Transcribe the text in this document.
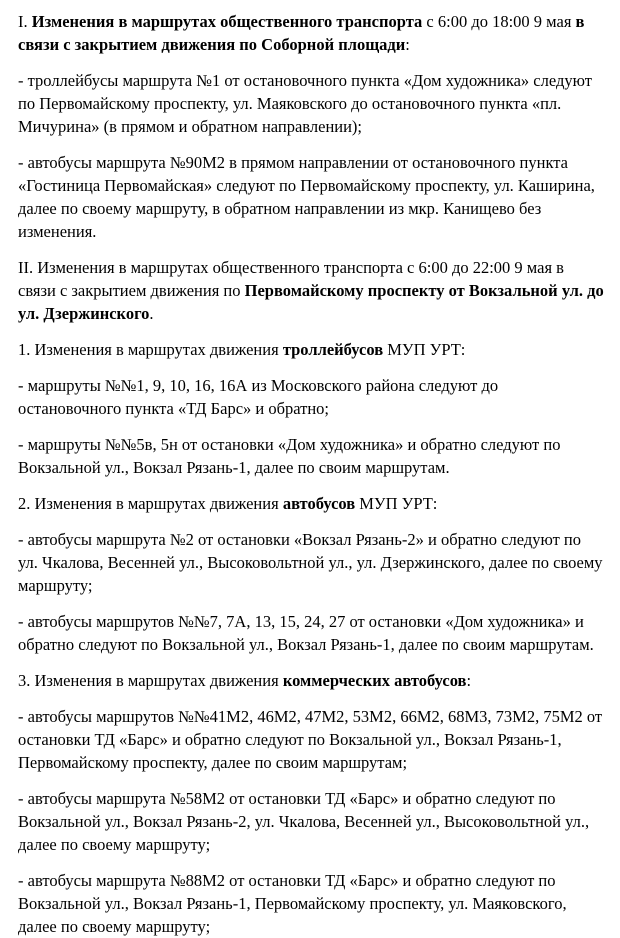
I. Изменения в маршрутах общественного транспорта с 6:00 до 18:00 9 мая в связи с закрытием движения по Соборной площади:

- троллейбусы маршрута №1 от остановочного пункта «Дом художника» следуют по Первомайскому проспекту, ул. Маяковского до остановочного пункта «пл. Мичурина» (в прямом и обратном направлении);

- автобусы маршрута №90М2 в прямом направлении от остановочного пункта «Гостиница Первомайская» следуют по Первомайскому проспекту, ул. Каширина, далее по своему маршруту, в обратном направлении из мкр. Канищево без изменения.

II. Изменения в маршрутах общественного транспорта с 6:00 до 22:00 9 мая в связи с закрытием движения по Первомайскому проспекту от Вокзальной ул. до ул. Дзержинского.

1. Изменения в маршрутах движения троллейбусов МУП УРТ:

- маршруты №№1, 9, 10, 16, 16А из Московского района следуют до остановочного пункта «ТД Барс» и обратно;

- маршруты №№5в, 5н от остановки «Дом художника» и обратно следуют по Вокзальной ул., Вокзал Рязань-1, далее по своим маршрутам.

2. Изменения в маршрутах движения автобусов МУП УРТ:

- автобусы маршрута №2 от остановки «Вокзал Рязань-2» и обратно следуют по ул. Чкалова, Весенней ул., Высоковольтной ул., ул. Дзержинского, далее по своему маршруту;

- автобусы маршрутов №№7, 7А, 13, 15, 24, 27 от остановки «Дом художника» и обратно следуют по Вокзальной ул., Вокзал Рязань-1, далее по своим маршрутам.

3. Изменения в маршрутах движения коммерческих автобусов:

- автобусы маршрутов №№41М2, 46М2, 47М2, 53М2, 66М2, 68М3, 73М2, 75М2 от остановки ТД «Барс» и обратно следуют по Вокзальной ул., Вокзал Рязань-1, Первомайскому проспекту, далее по своим маршрутам;

- автобусы маршрута №58М2 от остановки ТД «Барс» и обратно следуют по Вокзальной ул., Вокзал Рязань-2, ул. Чкалова, Весенней ул., Высоковольтной ул., далее по своему маршруту;

- автобусы маршрута №88М2 от остановки ТД «Барс» и обратно следуют по Вокзальной ул., Вокзал Рязань-1, Первомайскому проспекту, ул. Маяковского, далее по своему маршруту;
